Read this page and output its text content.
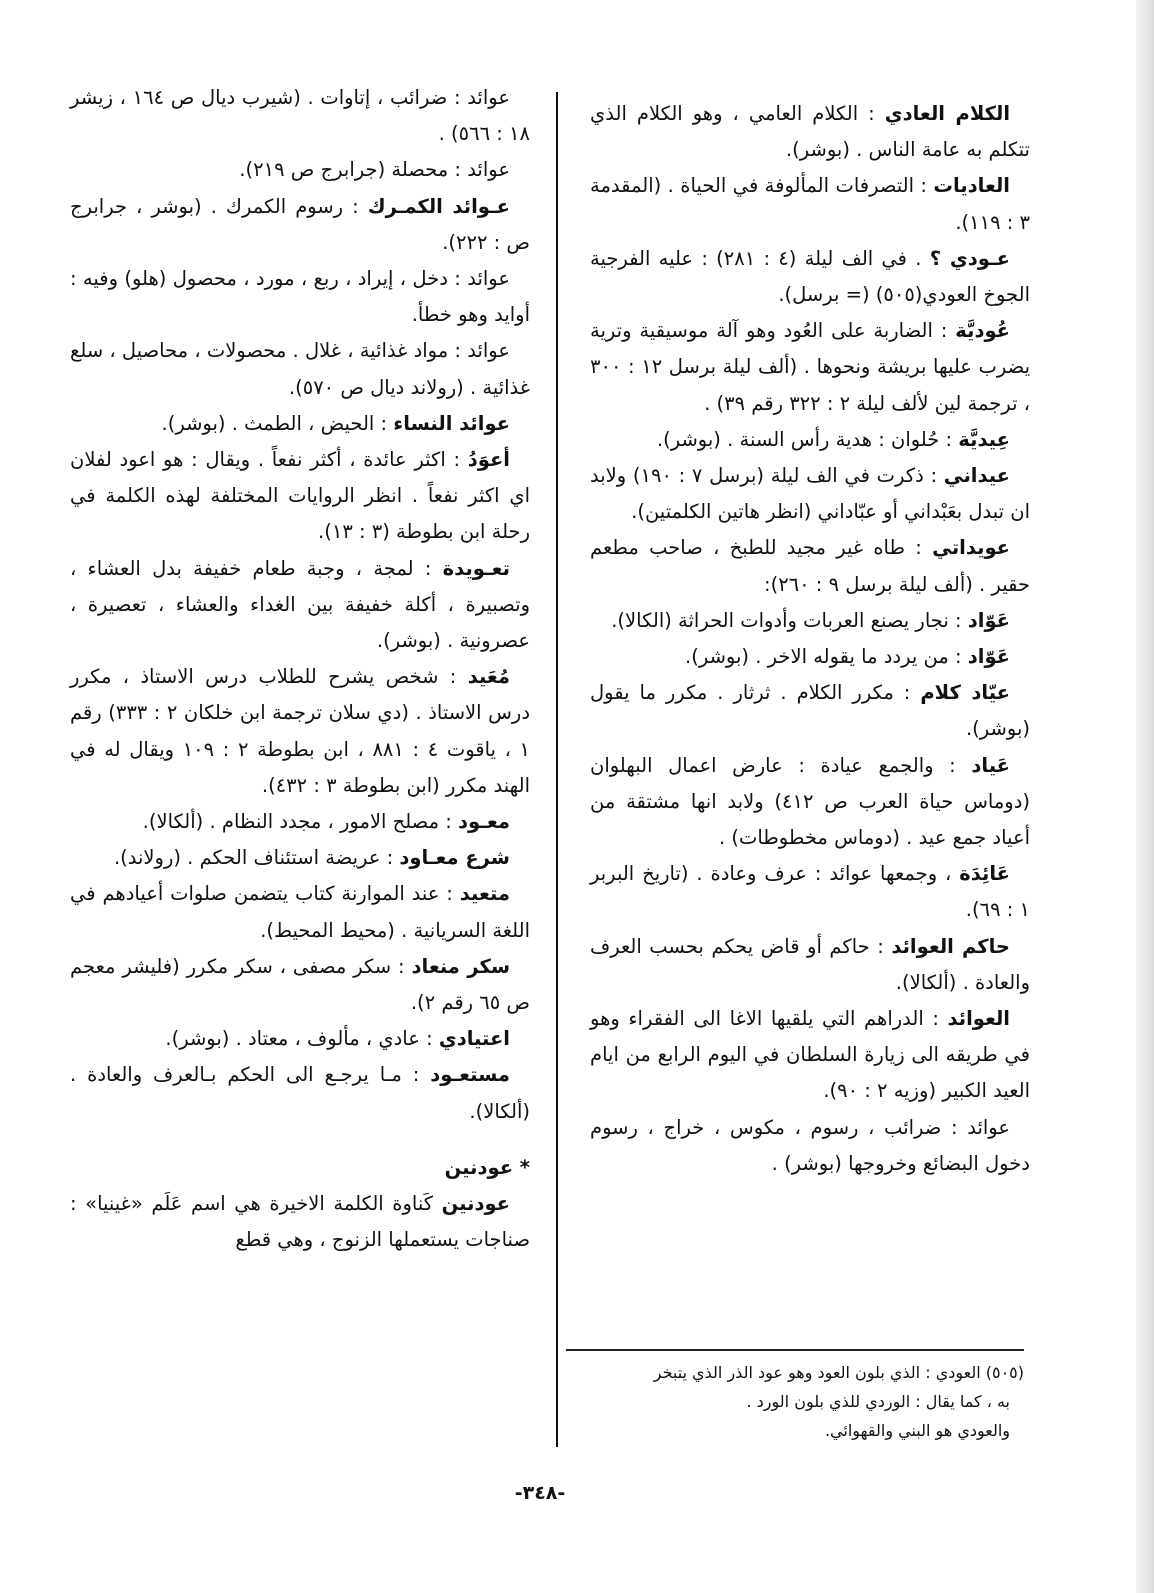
الكلام العادي : الكلام العامي ، وهو الكلام الذي تتكلم به عامة الناس . (بوشر).

العاديات : التصرفات المألوفة في الحياة . (المقدمة ٣ : ١١٩).

عـودي ؟ . في الف ليلة (٤ : ٢٨١) : عليه الفرجية الجوخ العودي(٥٠٥) (= برسل).

عُوديَّة : الضاربة على العُود وهو آلة موسيقية وترية يضرب عليها بريشة ونحوها . (ألف ليلة برسل ١٢ : ٣٠٠ ، ترجمة لين لألف ليلة ٢ : ٣٢٢ رقم ٣٩) .

عِيديَّة : حُلوان : هدية رأس السنة . (بوشر).

عيداني : ذكرت في الف ليلة (برسل ٧ : ١٩٠) ولابد ان تبدل بعَبْداني أو عبّاداني (انظر هاتين الكلمتين).

عويداتي : طاه غير مجيد للطبخ ، صاحب مطعم حقير . (ألف ليلة برسل ٩ : ٢٦٠):

عَوّاد : نجار يصنع العربات وأدوات الحراثة (الكالا).

عَوّاد : من يردد ما يقوله الاخر . (بوشر).

عيّاد كلام : مكرر الكلام . ثرثار . مكرر ما يقول (بوشر).

عَياد : والجمع عيادة : عارض اعمال البهلوان (دوماس حياة العرب ص ٤١٢) ولابد انها مشتقة من أعياد جمع عيد . (دوماس مخطوطات) .

عَائِدَة ، وجمعها عوائد : عرف وعادة . (تاريخ البربر ١ : ٦٩).

حاكم العوائد : حاكم أو قاض يحكم بحسب العرف والعادة . (ألكالا).

العوائد : الدراهم التي يلقيها الاغا الى الفقراء وهو في طريقه الى زيارة السلطان في اليوم الرابع من ايام العيد الكبير (وزيه ٢ : ٩٠).

عوائد : ضرائب ، رسوم ، مكوس ، خراج ، رسوم دخول البضائع وخروجها (بوشر) .

عوائد : ضرائب ، إتاوات . (شيرب ديال ص ١٦٤ ، زيشر ١٨ : ٥٦٦) .

عوائد : محصلة (جرابرج ص ٢١٩).

عـوائد الكمـرك : رسوم الكمرك . (بوشر ، جرابرج ص : ٢٢٢).

عوائد : دخل ، إيراد ، ربع ، مورد ، محصول (هلو) وفيه : أوايد وهو خطأ.

عوائد : مواد غذائية ، غلال . محصولات ، محاصيل ، سلع غذائية . (رولاند ديال ص ٥٧٠).

عوائد النساء : الحيض ، الطمث . (بوشر).

أعوَدُ : اكثر عائدة ، أكثر نفعاً . ويقال : هو اعود لفلان اي اكثر نفعاً . انظر الروايات المختلفة لهذه الكلمة في رحلة ابن بطوطة (٣ : ١٣).

تعـويدة : لمجة ، وجبة طعام خفيفة بدل العشاء ، وتصبيرة ، أكلة خفيفة بين الغداء والعشاء ، تعصيرة ، عصرونية . (بوشر).

مُعَيد : شخص يشرح للطلاب درس الاستاذ ، مكرر درس الاستاذ . (دي سلان ترجمة ابن خلكان ٢ : ٣٣٣) رقم ١ ، ياقوت ٤ : ٨٨١ ، ابن بطوطة ٢ : ١٠٩ ويقال له في الهند مكرر (ابن بطوطة ٣ : ٤٣٢).

معـود : مصلح الامور ، مجدد النظام . (ألكالا).

شرع معـاود : عريضة استئناف الحكم . (رولاند).

متعيد : عند الموارنة كتاب يتضمن صلوات أعيادهم في اللغة السريانية . (محيط المحيط).

سكر منعاد : سكر مصفى ، سكر مكرر (فليشر معجم ص ٦٥ رقم ٢).

اعتيادي : عادي ، مألوف ، معتاد . (بوشر).

مستعـود : مـا يرجـع الى الحكم بـالعرف والعادة . (ألكالا).

* عودنين

عودنين كَناوة الكلمة الاخيرة هي اسم عَلَم «غينيا» : صناجات يستعملها الزنوج ، وهي قطع

(٥٠٥) العودي : الذي بلون العود وهو عود الذر الذي يتبخر

به ، كما يقال : الوردي للذي بلون الورد .

والعودي هو البني والقهوائي.

-٣٤٨-
